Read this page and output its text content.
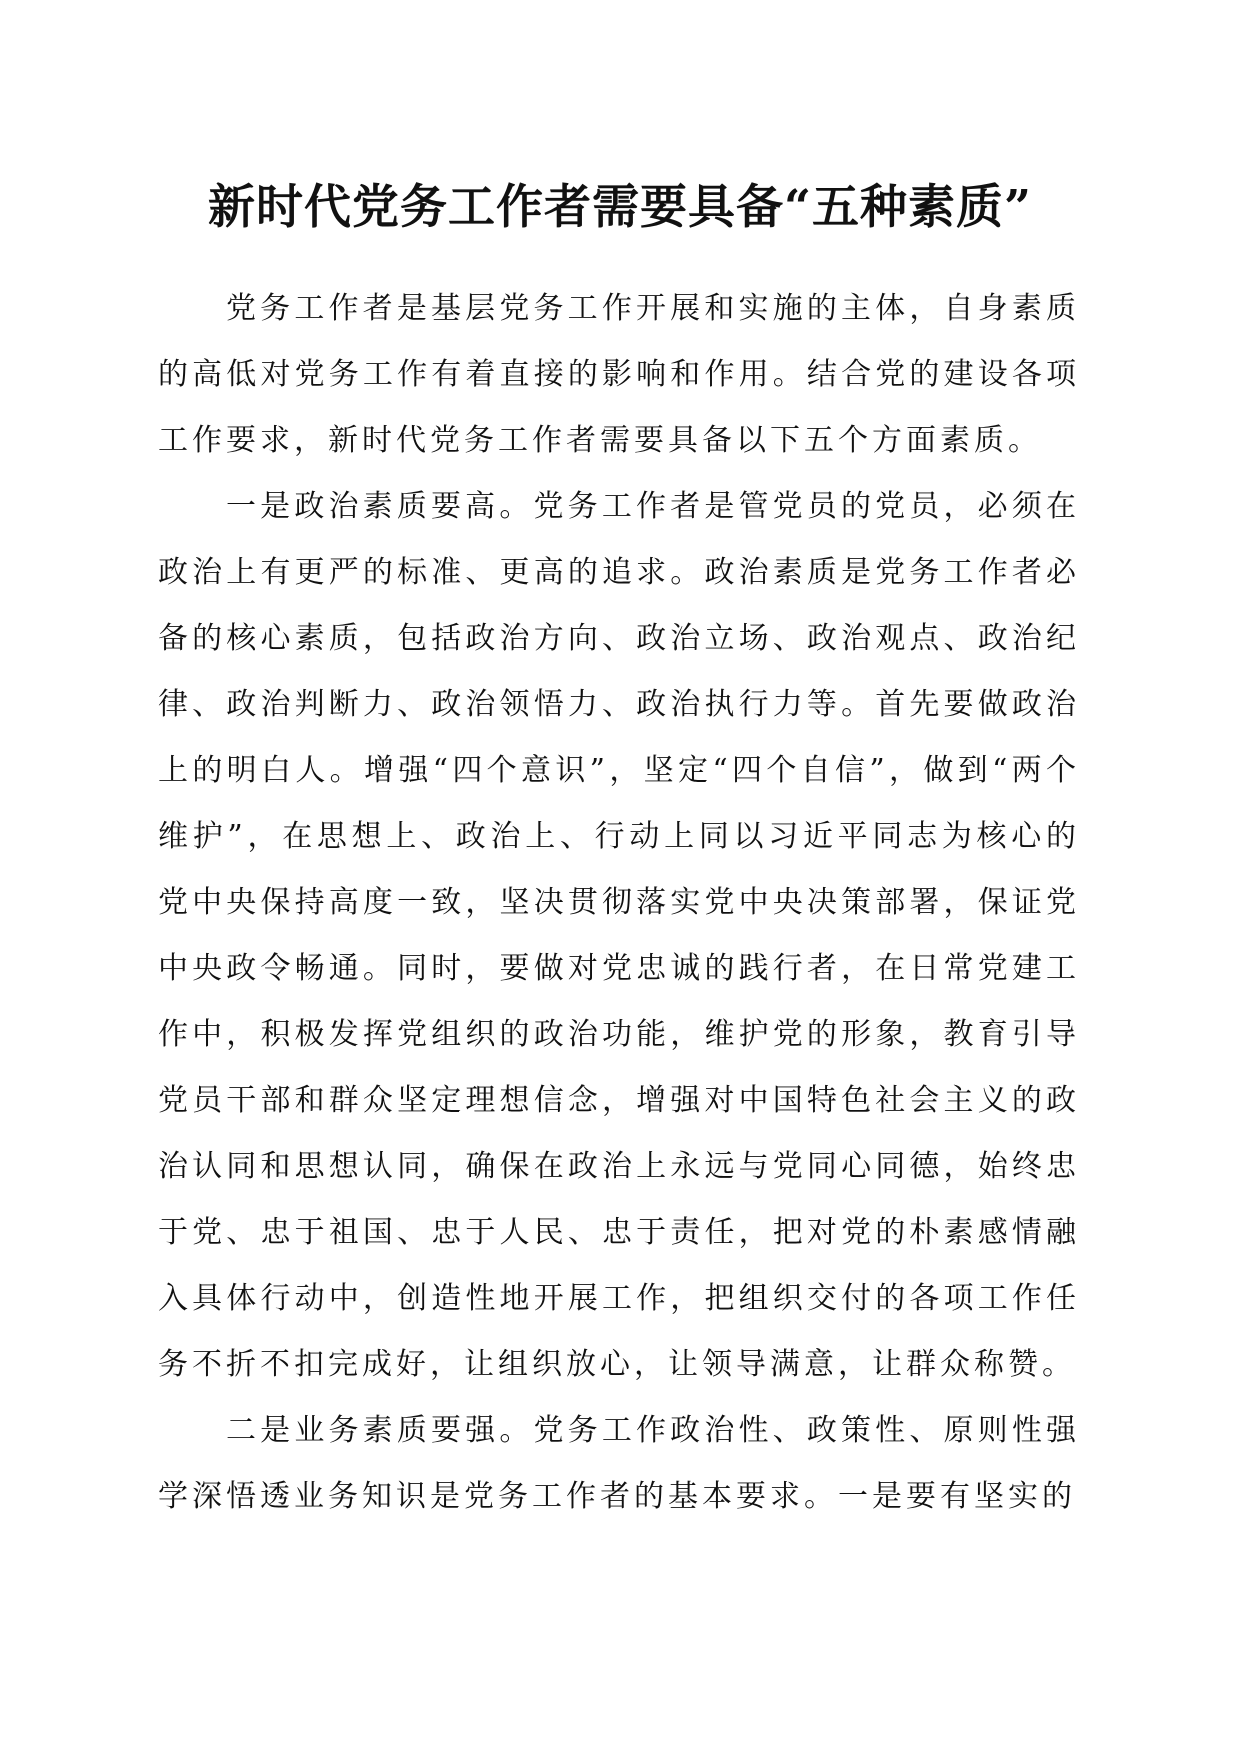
新时代党务工作者需要具备“五种素质”

党务工作者是基层党务工作开展和实施的主体，自身素质的高低对党务工作有着直接的影响和作用。结合党的建设各项工作要求，新时代党务工作者需要具备以下五个方面素质。

一是政治素质要高。党务工作者是管党员的党员，必须在政治上有更严的标准、更高的追求。政治素质是党务工作者必备的核心素质，包括政治方向、政治立场、政治观点、政治纪律、政治判断力、政治领悟力、政治执行力等。首先要做政治上的明白人。增强“四个意识”，坚定“四个自信”，做到“两个维护”，在思想上、政治上、行动上同以习近平同志为核心的党中央保持高度一致，坚决贯彻落实党中央决策部署，保证党中央政令畅通。同时，要做对党忠诚的践行者，在日常党建工作中，积极发挥党组织的政治功能，维护党的形象，教育引导党员干部和群众坚定理想信念，增强对中国特色社会主义的政治认同和思想认同，确保在政治上永远与党同心同德，始终忠于党、忠于祖国、忠于人民、忠于责任，把对党的朴素感情融入具体行动中，创造性地开展工作，把组织交付的各项工作任务不折不扣完成好，让组织放心，让领导满意，让群众称赞。

二是业务素质要强。党务工作政治性、政策性、原则性强学深悟透业务知识是党务工作者的基本要求。一是要有坚实的
